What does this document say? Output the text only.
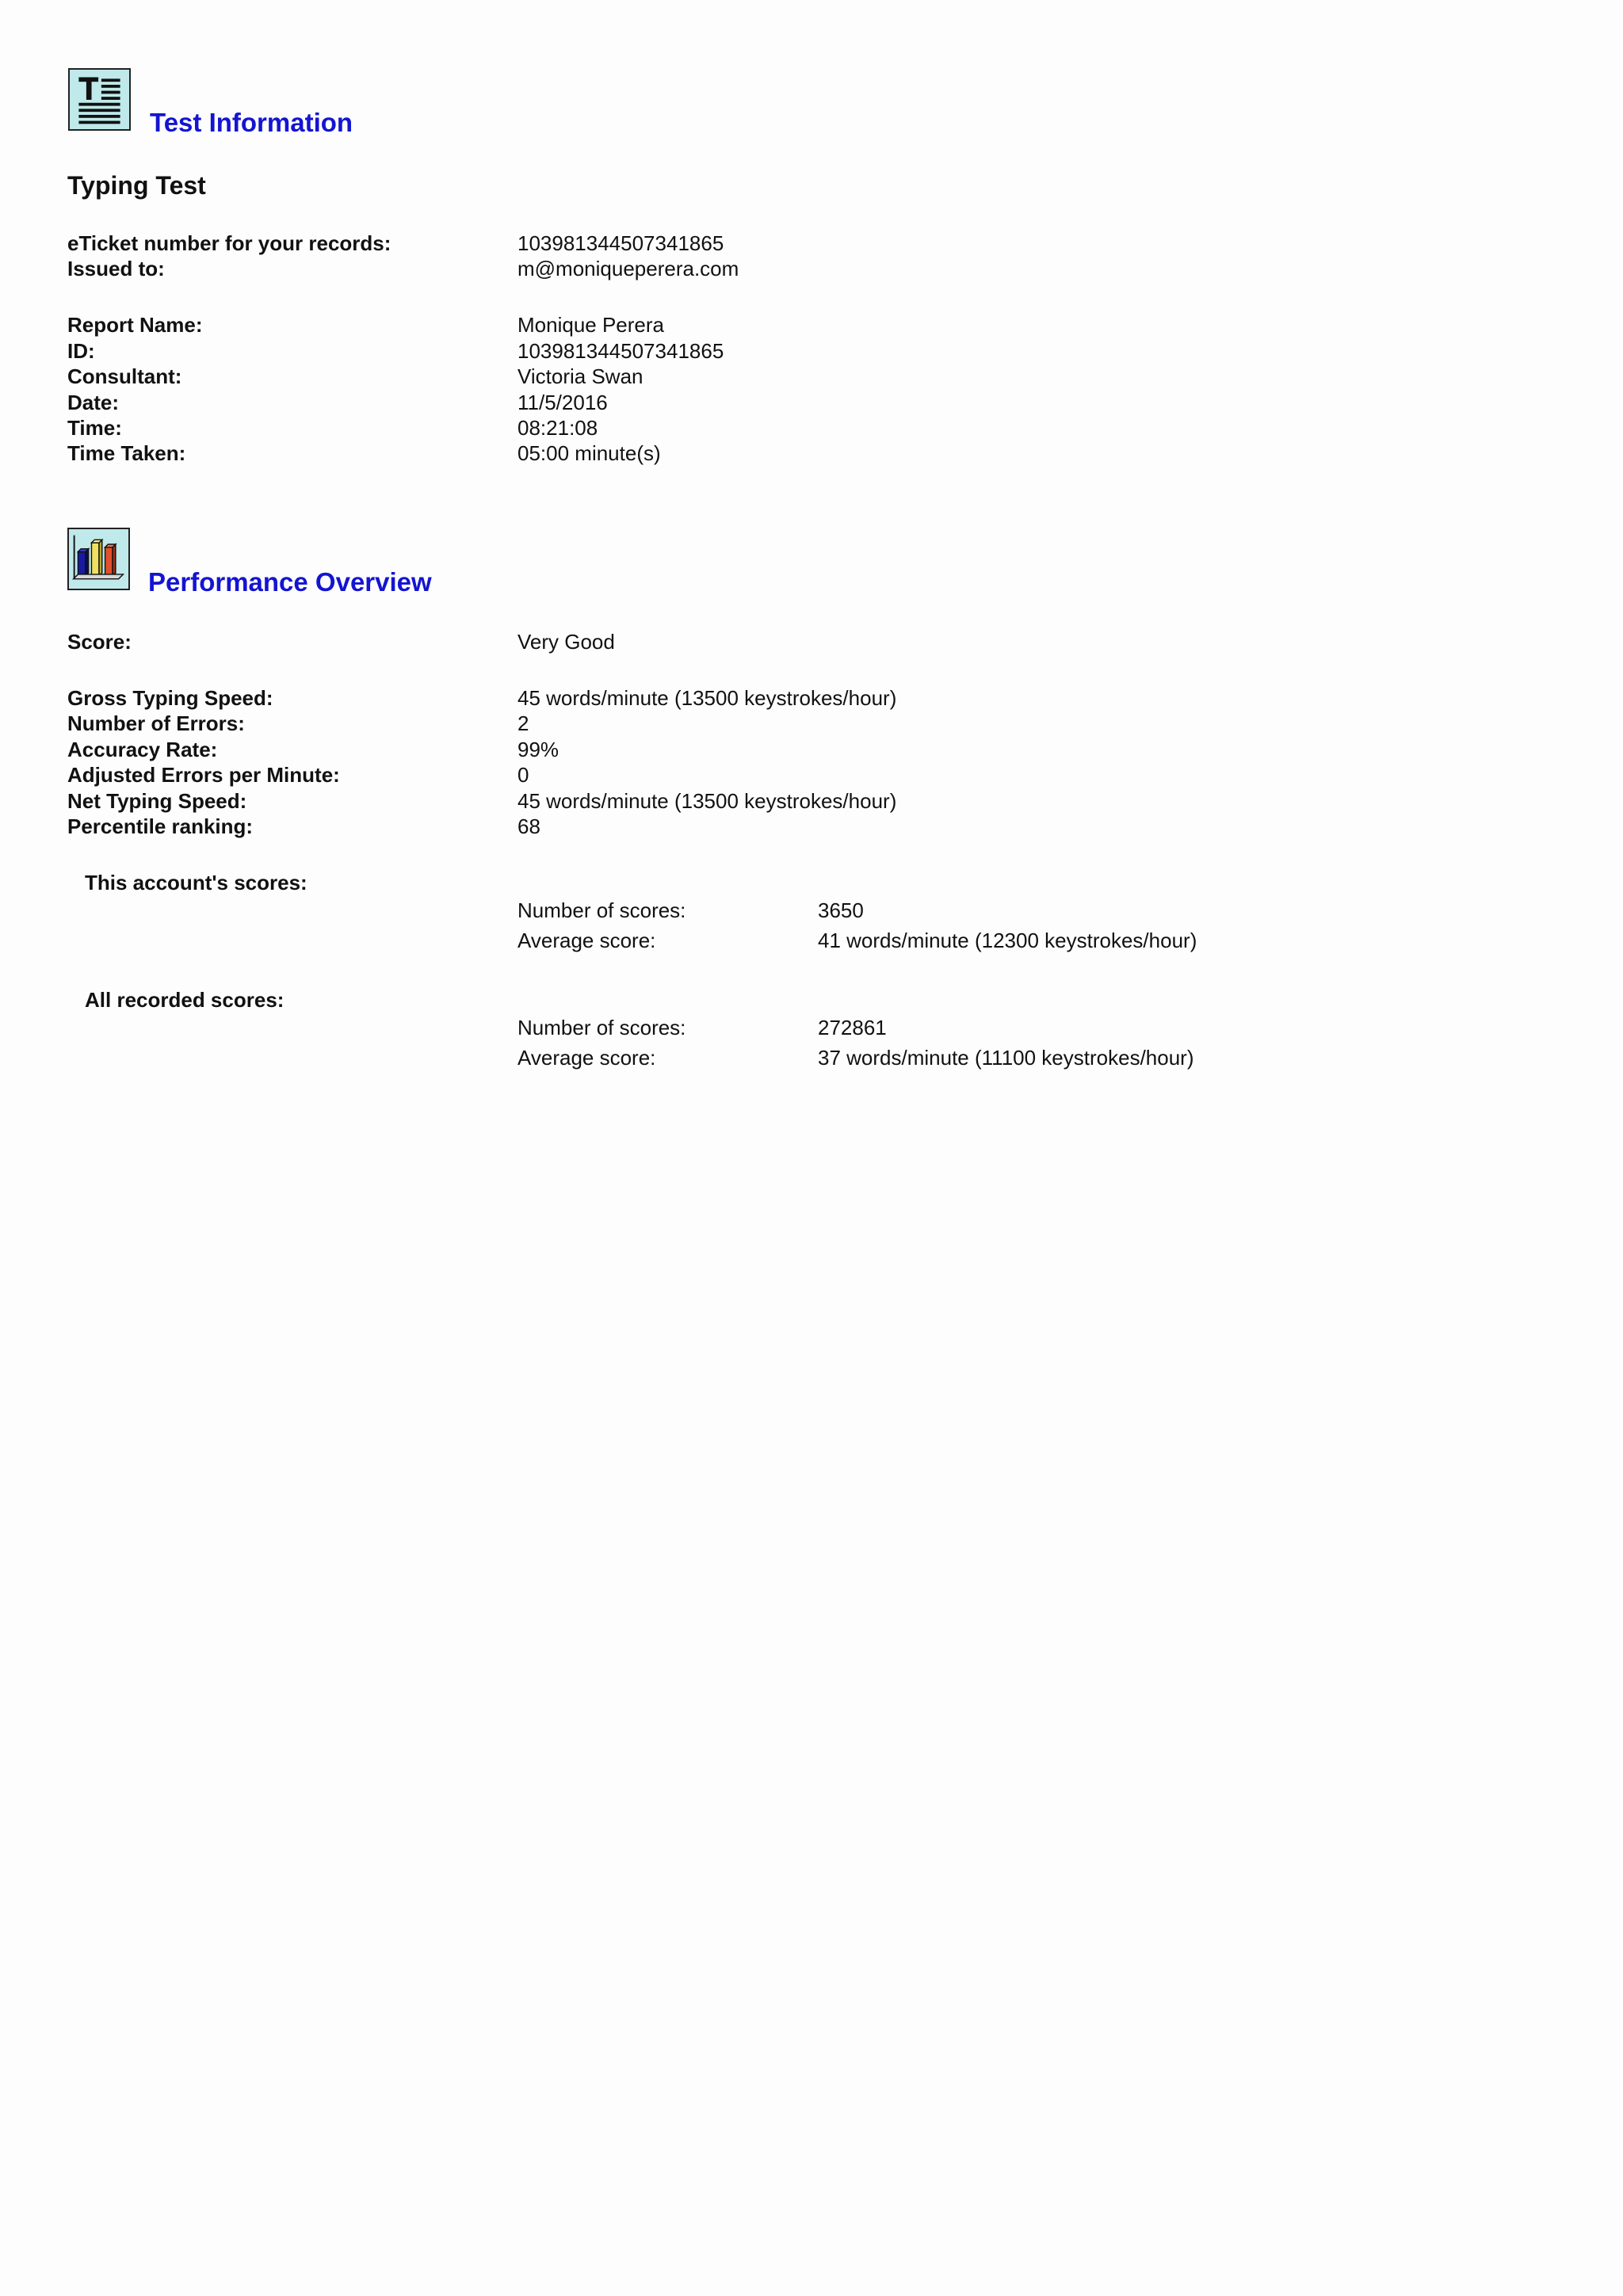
Test Information
Typing Test
eTicket number for your records:	103981344507341865
Issued to:	m@moniqueperera.com
Report Name:	Monique Perera
ID:	103981344507341865
Consultant:	Victoria Swan
Date:	11/5/2016
Time:	08:21:08
Time Taken:	05:00 minute(s)
Performance Overview
Score:	Very Good
Gross Typing Speed:	45 words/minute (13500 keystrokes/hour)
Number of Errors:	2
Accuracy Rate:	99%
Adjusted Errors per Minute:	0
Net Typing Speed:	45 words/minute (13500 keystrokes/hour)
Percentile ranking:	68
This account's scores:
Number of scores:	3650
Average score:	41 words/minute (12300 keystrokes/hour)
All recorded scores:
Number of scores:	272861
Average score:	37 words/minute (11100 keystrokes/hour)
